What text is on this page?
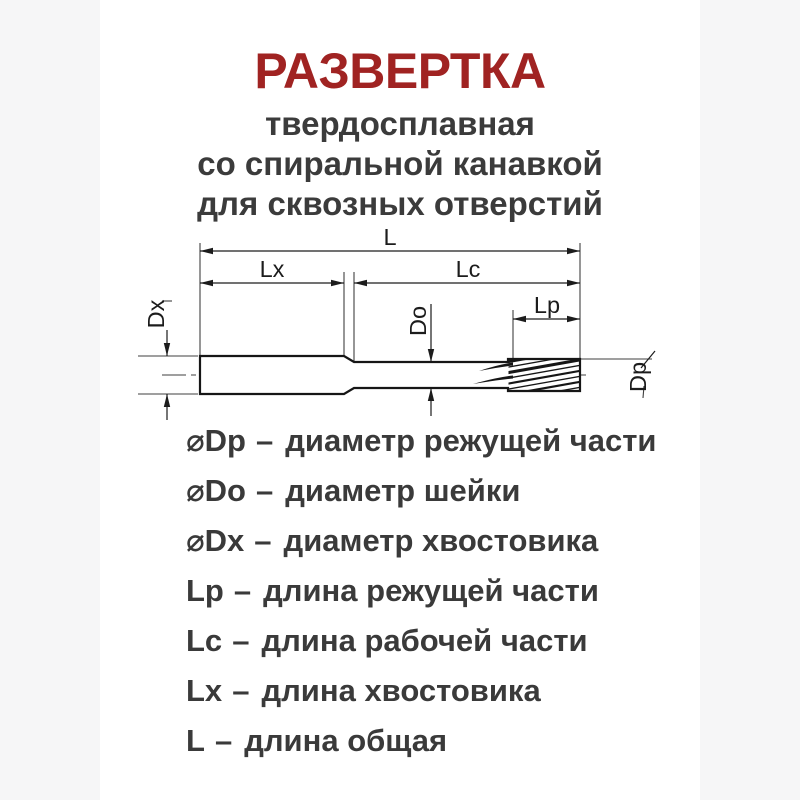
РАЗВЕРТКА
твердосплавная
со спиральной канавкой
для сквозных отверстий
⌀Dp – диаметр режущей части
⌀Do – диаметр шейки
⌀Dx – диаметр хвостовика
Lp – длина режущей части
Lc – длина рабочей части
Lx – длина хвостовика
L – длина общая
L
Lx	Lc
Lp
Dx	Do
Dp
